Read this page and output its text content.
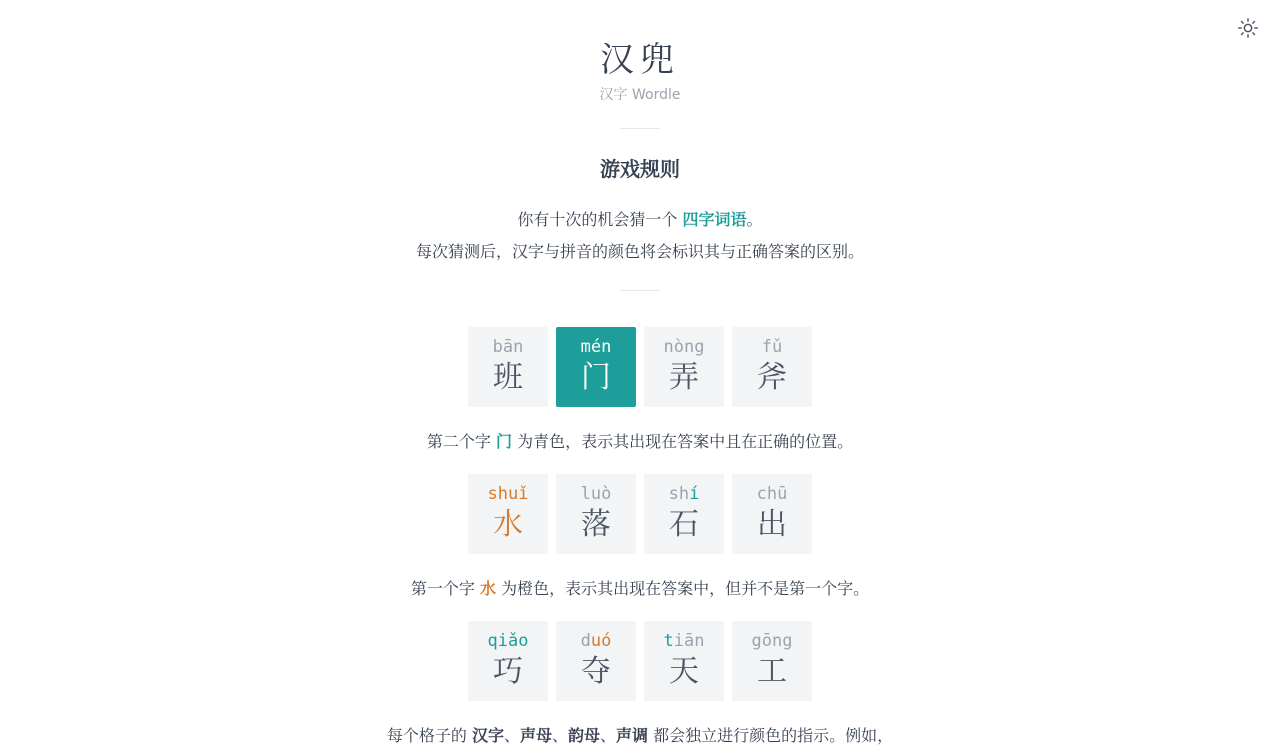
汉兜
汉字 Wordle
游戏规则
你有十次的机会猜一个 四字词语。
每次猜测后，汉字与拼音的颜色将会标识其与正确答案的区别。
bān
班
mén
门
nòng
弄
fǔ
斧
第二个字 门 为青色，表示其出现在答案中且在正确的位置。
shuǐ
水
luò
落
shí
石
chū
出
第一个字 水 为橙色，表示其出现在答案中，但并不是第一个字。
qiǎo
巧
duó
夺
tiān
天
gōng
工
每个格子的 汉字、声母、韵母、声调 都会独立进行颜色的指示。例如，
